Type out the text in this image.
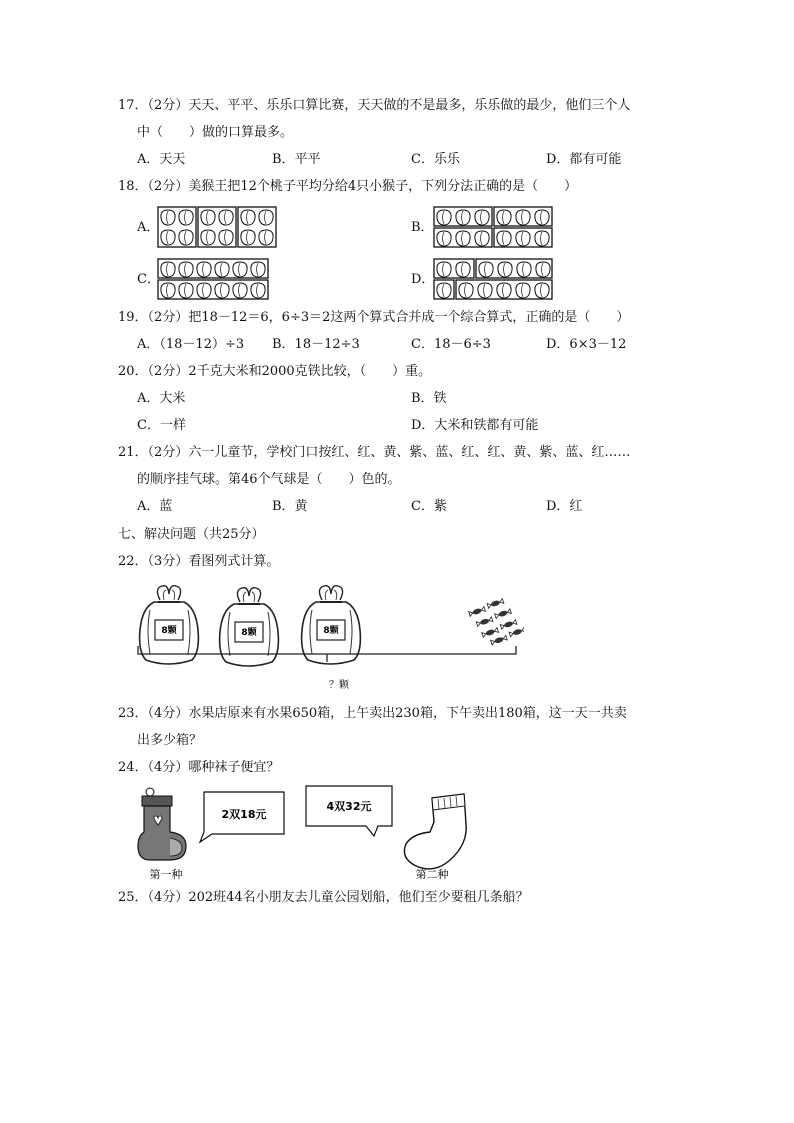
17．（2分）天天、平平、乐乐口算比赛，天天做的不是最多，乐乐做的最少，他们三个人
中（　　）做的口算最多。
A．天天	B．平平	C．乐乐	D．都有可能
18．（2分）美猴王把12个桃子平均分给4只小猴子，下列分法正确的是（　　）
A．	B．
C．	D．
19．（2分）把18－12＝6，6÷3＝2这两个算式合并成一个综合算式，正确的是（　　）
A．（18－12）÷3 B．18－12÷3	C．18－6÷3	D．6×3－12
20．（2分）2千克大米和2000克铁比较，（　　）重。
A．大米	B．铁
C．一样	D．大米和铁都有可能
21．（2分）六一儿童节，学校门口按红、红、黄、紫、蓝、红、红、黄、紫、蓝、红……
的顺序挂气球。第46个气球是（　　）色的。
A．蓝	B．黄	C．紫	D．红
七、解决问题（共25分）
22．（3分）看图列式计算。
8颗	8颗	8颗
？颗
23．（4分）水果店原来有水果650箱，上午卖出230箱，下午卖出180箱，这一天一共卖
出多少箱？
24．（4分）哪种袜子便宜？
2双18元
4双32元
第一种	第二种
25．（4分）202班44名小朋友去儿童公园划船，他们至少要租几条船？
